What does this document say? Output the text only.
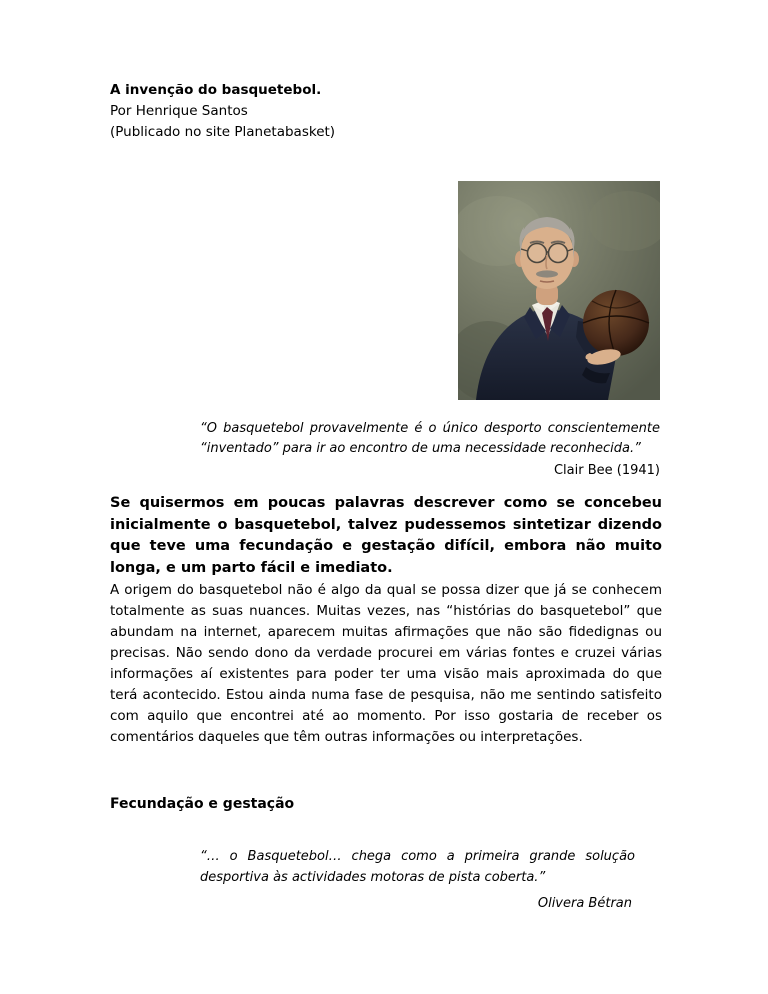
A invenção do basquetebol.

Por Henrique Santos

(Publicado no site Planetabasket)

“O basquetebol provavelmente é o único desporto conscientemente “inventado” para ir ao encontro de uma necessidade reconhecida.”
Clair Bee (1941)

Se quisermos em poucas palavras descrever como se concebeu inicialmente o basquetebol, talvez pudessemos sintetizar dizendo que teve uma fecundação e gestação difícil, embora não muito longa, e um parto fácil e imediato.

A origem do basquetebol não é algo da qual se possa dizer que já se conhecem totalmente as suas nuances. Muitas vezes, nas “histórias do basquetebol” que abundam na internet, aparecem muitas afirmações que não são fidedignas ou precisas. Não sendo dono da verdade procurei em várias fontes e cruzei várias informações aí existentes para poder ter uma visão mais aproximada do que terá acontecido. Estou ainda numa fase de pesquisa, não me sentindo satisfeito com aquilo que encontrei até ao momento. Por isso gostaria de receber os comentários daqueles que têm outras informações ou interpretações.

Fecundação e gestação
“… o Basquetebol… chega como a primeira grande solução desportiva às actividades motoras de pista coberta.”
Olivera Bétran
